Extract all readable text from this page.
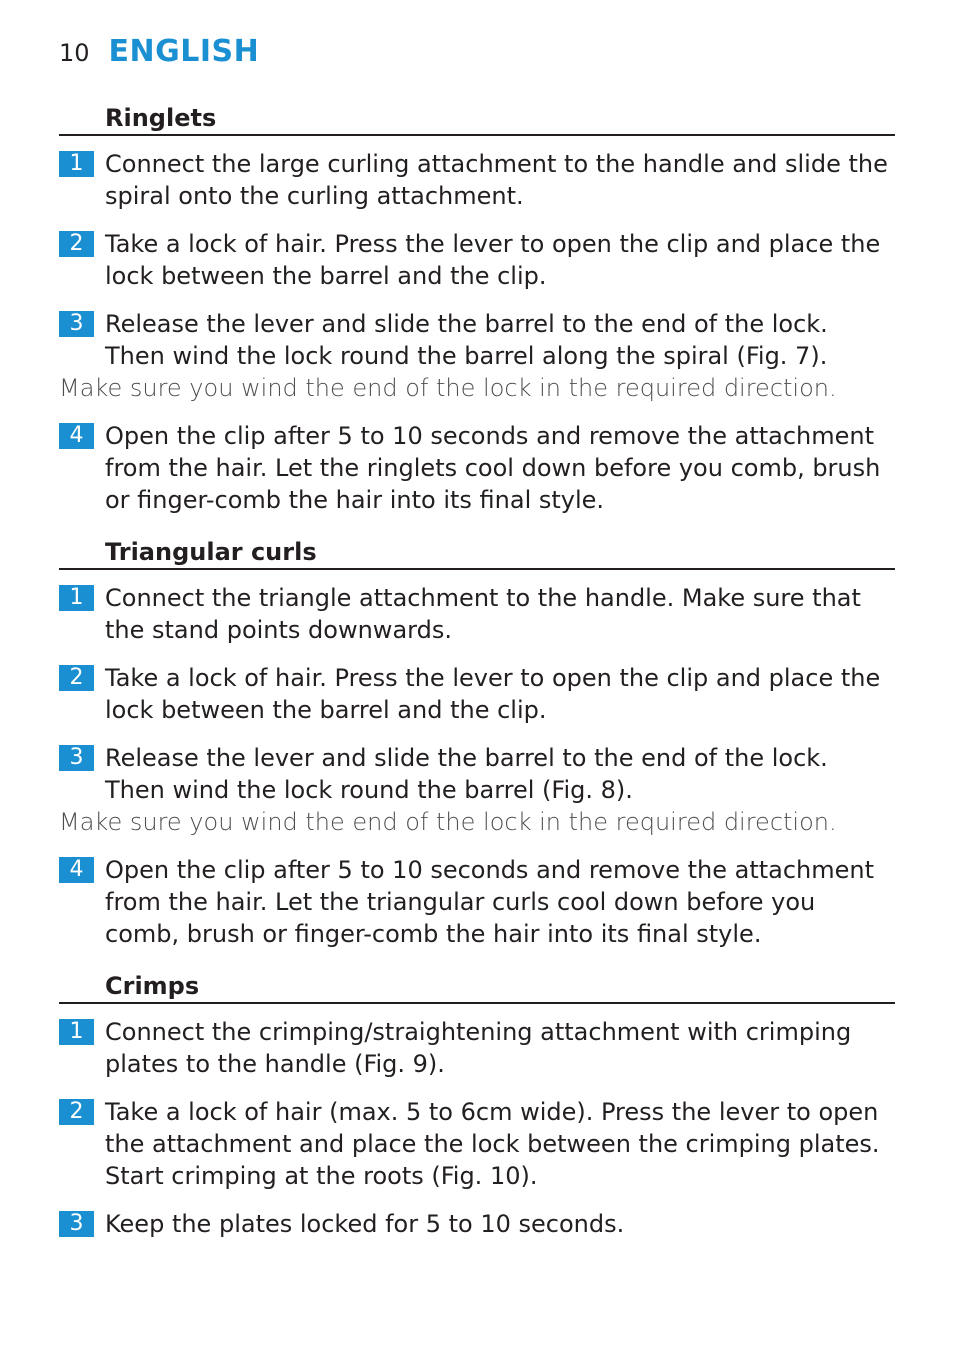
10 ENGLISH
Ringlets
1 Connect the large curling attachment to the handle and slide the spiral onto the curling attachment.
2 Take a lock of hair. Press the lever to open the clip and place the lock between the barrel and the clip.
3 Release the lever and slide the barrel to the end of the lock. Then wind the lock round the barrel along the spiral (Fig. 7).
Make sure you wind the end of the lock in the required direction.
4 Open the clip after 5 to 10 seconds and remove the attachment from the hair. Let the ringlets cool down before you comb, brush or finger-comb the hair into its final style.
Triangular curls
1 Connect the triangle attachment to the handle. Make sure that the stand points downwards.
2 Take a lock of hair. Press the lever to open the clip and place the lock between the barrel and the clip.
3 Release the lever and slide the barrel to the end of the lock. Then wind the lock round the barrel (Fig. 8).
Make sure you wind the end of the lock in the required direction.
4 Open the clip after 5 to 10 seconds and remove the attachment from the hair. Let the triangular curls cool down before you comb, brush or finger-comb the hair into its final style.
Crimps
1 Connect the crimping/straightening attachment with crimping plates to the handle (Fig. 9).
2 Take a lock of hair (max. 5 to 6cm wide). Press the lever to open the attachment and place the lock between the crimping plates. Start crimping at the roots (Fig. 10).
3 Keep the plates locked for 5 to 10 seconds.
